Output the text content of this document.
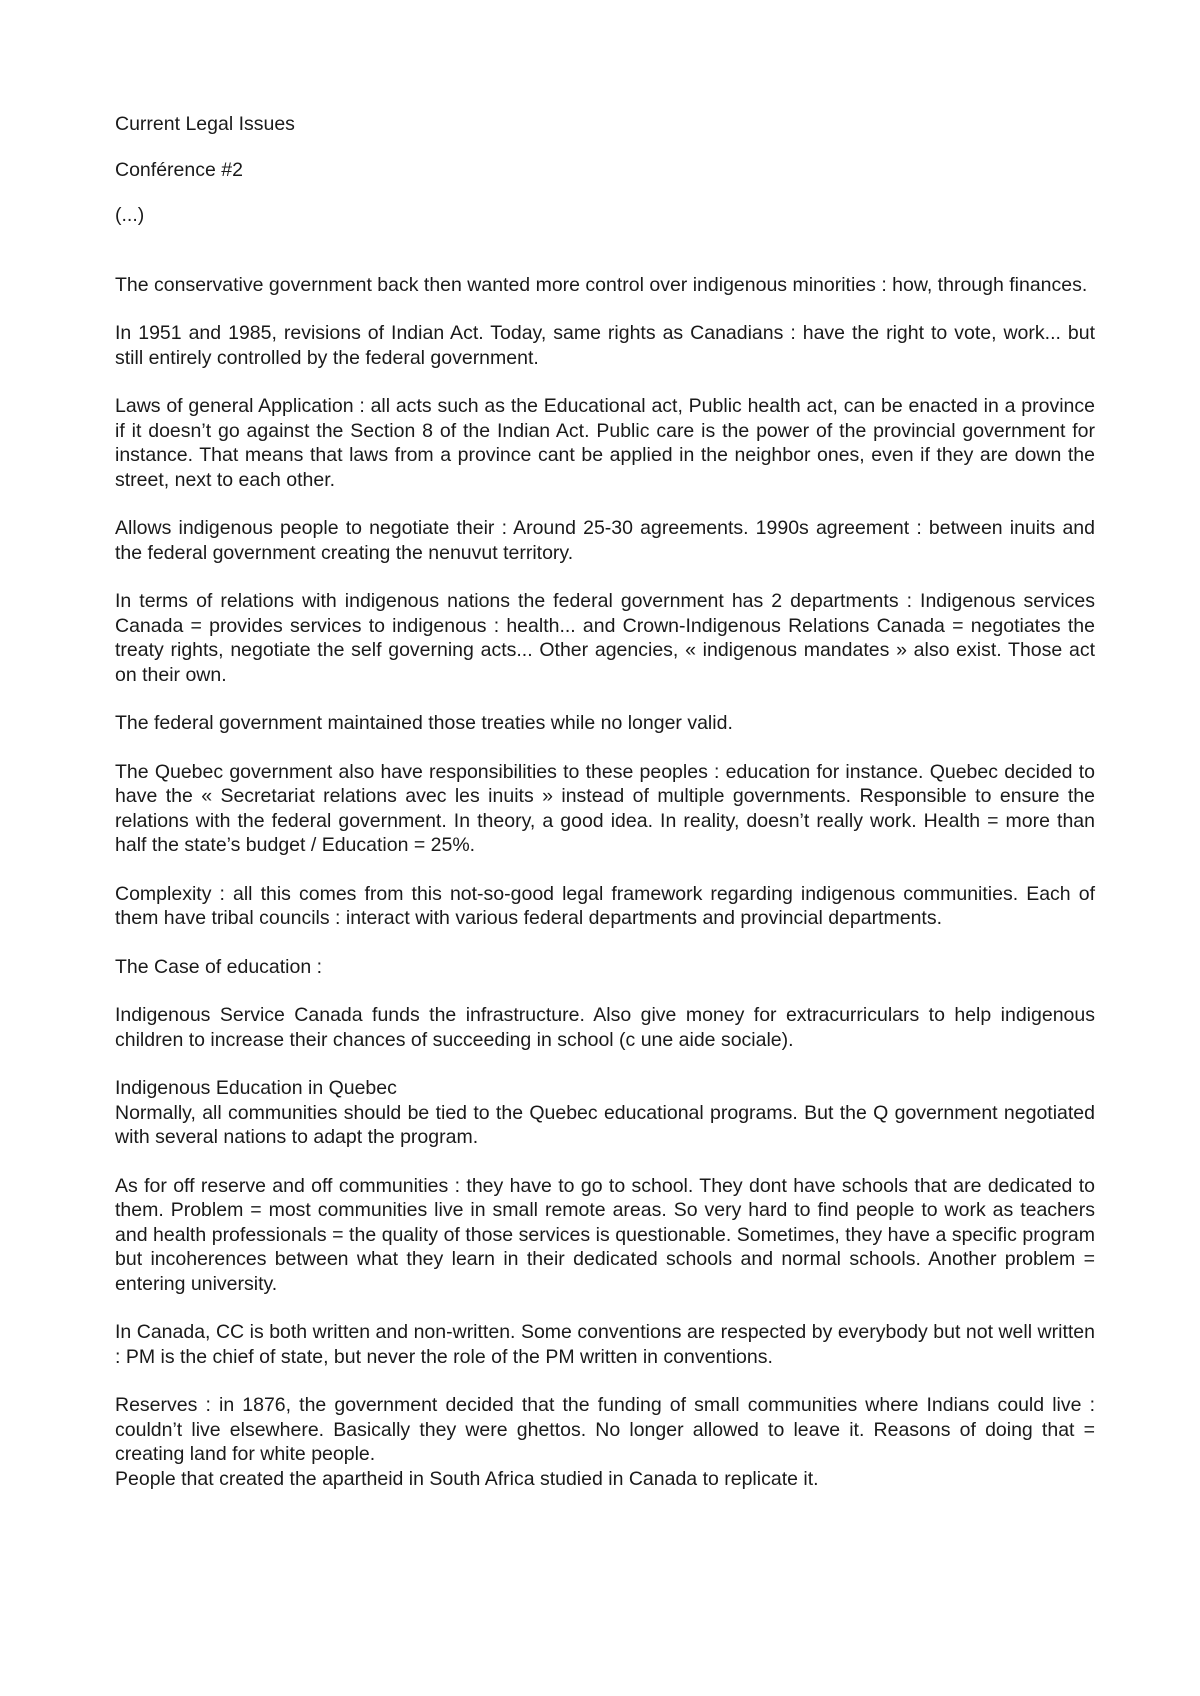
Current Legal Issues

Conférence #2

(...)

The conservative government back then wanted more control over indigenous minorities : how, through finances.

In 1951 and 1985, revisions of Indian Act. Today, same rights as Canadians : have the right to vote, work... but still entirely controlled by the federal government.

Laws of general Application : all acts such as the Educational act, Public health act, can be enacted in a province if it doesn’t go against the Section 8 of the Indian Act. Public care is the power of the provincial government for instance. That means that laws from a province cant be applied in the neighbor ones, even if they are down the street, next to each other.

Allows indigenous people to negotiate their : Around 25-30 agreements. 1990s agreement : between inuits and the federal government creating the nenuvut territory.

In terms of relations with indigenous nations the federal government has 2 departments : Indigenous services Canada = provides services to indigenous : health... and Crown-Indigenous Relations Canada = negotiates the treaty rights, negotiate the self governing acts... Other agencies, « indigenous mandates » also exist. Those act on their own.

The federal government maintained those treaties while no longer valid.

The Quebec government also have responsibilities to these peoples : education for instance. Quebec decided to have the « Secretariat relations avec les inuits » instead of multiple governments. Responsible to ensure the relations with the federal government. In theory, a good idea. In reality, doesn’t really work. Health = more than half the state’s budget / Education = 25%.

Complexity : all this comes from this not-so-good legal framework regarding indigenous communities. Each of them have tribal councils : interact with various federal departments and provincial departments.

The Case of education :

Indigenous Service Canada funds the infrastructure. Also give money for extracurriculars to help indigenous children to increase their chances of succeeding in school (c une aide sociale).

Indigenous Education in Quebec

Normally, all communities should be tied to the Quebec educational programs. But the Q government negotiated with several nations to adapt the program.

As for off reserve and off communities : they have to go to school. They dont have schools that are dedicated to them. Problem = most communities live in small remote areas. So very hard to find people to work as teachers and health professionals = the quality of those services is questionable. Sometimes, they have a specific program but incoherences between what they learn in their dedicated schools and normal schools. Another problem = entering university.

In Canada, CC is both written and non-written. Some conventions are respected by everybody but not well written : PM is the chief of state, but never the role of the PM written in conventions.

Reserves : in 1876, the government decided that the funding of small communities where Indians could live : couldn’t live elsewhere. Basically they were ghettos. No longer allowed to leave it. Reasons of doing that = creating land for white people.

People that created the apartheid in South Africa studied in Canada to replicate it.
